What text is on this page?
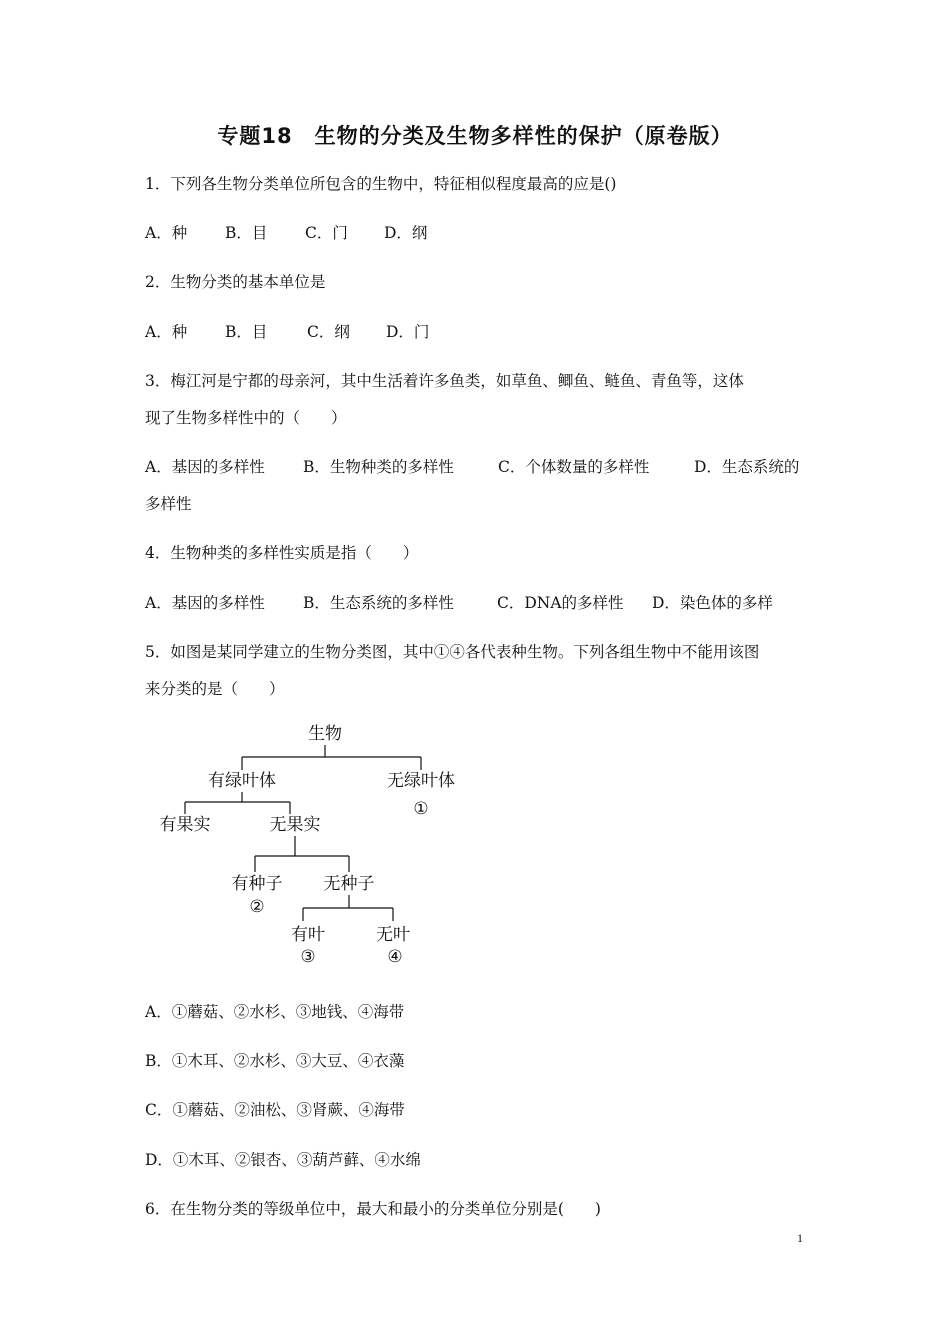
专题18　生物的分类及生物多样性的保护（原卷版）
1．下列各生物分类单位所包含的生物中，特征相似程度最高的应是()
A．种 B．目 C．门 D．纲
2．生物分类的基本单位是
A．种 B．目	C．纲 D．门
3．梅江河是宁都的母亲河，其中生活着许多鱼类，如草鱼、鲫鱼、鲢鱼、青鱼等，这体
现了生物多样性中的（　　）
A．基因的多样性 B．生物种类的多样性	C．个体数量的多样性	D．生态系统的
多样性
4．生物种类的多样性实质是指（　　）
A．基因的多样性 B．生态系统的多样性	C．DNA的多样性 D．染色体的多样
5．如图是某同学建立的生物分类图，其中①④各代表种生物。下列各组生物中不能用该图
来分类的是（　　）
生物
有绿叶体	无绿叶体
①
有果实	无果实
有种子
②
无种子
有叶
③
无叶
④
A．①蘑菇、②水杉、③地钱、④海带
B．①木耳、②水杉、③大豆、④衣藻
C．①蘑菇、②油松、③肾蕨、④海带
D．①木耳、②银杏、③葫芦藓、④水绵
6．在生物分类的等级单位中，最大和最小的分类单位分别是(　　)
1
